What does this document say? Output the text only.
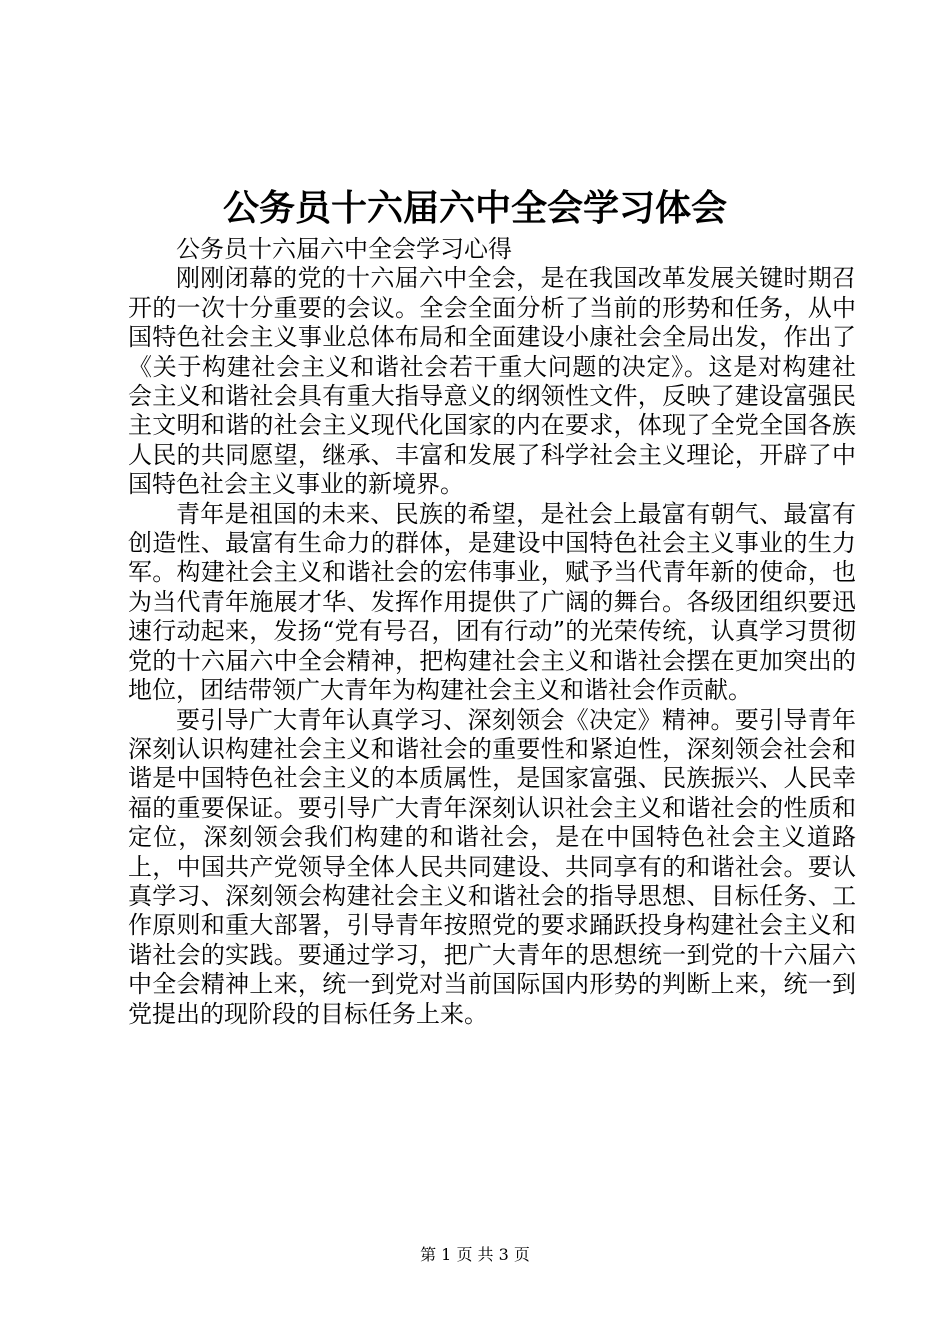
公务员十六届六中全会学习体会

公务员十六届六中全会学习心得

刚刚闭幕的党的十六届六中全会，是在我国改革发展关键时期召开的一次十分重要的会议。全会全面分析了当前的形势和任务，从中国特色社会主义事业总体布局和全面建设小康社会全局出发，作出了《关于构建社会主义和谐社会若干重大问题的决定》。这是对构建社会主义和谐社会具有重大指导意义的纲领性文件，反映了建设富强民主文明和谐的社会主义现代化国家的内在要求，体现了全党全国各族人民的共同愿望，继承、丰富和发展了科学社会主义理论，开辟了中国特色社会主义事业的新境界。

青年是祖国的未来、民族的希望，是社会上最富有朝气、最富有创造性、最富有生命力的群体，是建设中国特色社会主义事业的生力军。构建社会主义和谐社会的宏伟事业，赋予当代青年新的使命，也为当代青年施展才华、发挥作用提供了广阔的舞台。各级团组织要迅速行动起来，发扬“党有号召，团有行动”的光荣传统，认真学习贯彻党的十六届六中全会精神，把构建社会主义和谐社会摆在更加突出的地位，团结带领广大青年为构建社会主义和谐社会作贡献。

要引导广大青年认真学习、深刻领会《决定》精神。要引导青年深刻认识构建社会主义和谐社会的重要性和紧迫性，深刻领会社会和谐是中国特色社会主义的本质属性，是国家富强、民族振兴、人民幸福的重要保证。要引导广大青年深刻认识社会主义和谐社会的性质和定位，深刻领会我们构建的和谐社会，是在中国特色社会主义道路上，中国共产党领导全体人民共同建设、共同享有的和谐社会。要认真学习、深刻领会构建社会主义和谐社会的指导思想、目标任务、工作原则和重大部署，引导青年按照党的要求踊跃投身构建社会主义和谐社会的实践。要通过学习，把广大青年的思想统一到党的十六届六中全会精神上来，统一到党对当前国际国内形势的判断上来，统一到党提出的现阶段的目标任务上来。

第 1 页 共 3 页
